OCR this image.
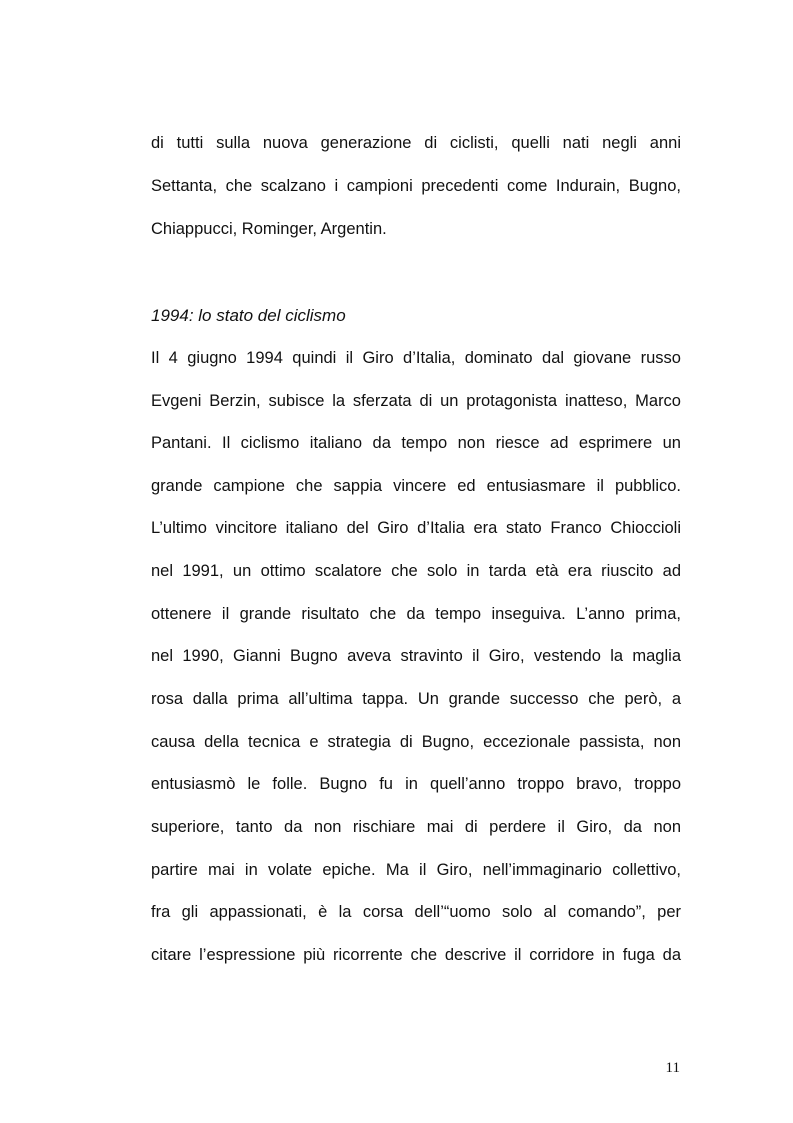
di tutti sulla nuova generazione di ciclisti, quelli nati negli anni
Settanta, che scalzano i campioni precedenti come Indurain, Bugno,
Chiappucci, Rominger, Argentin.
1994: lo stato del ciclismo
Il 4 giugno 1994 quindi il Giro d’Italia, dominato dal giovane russo
Evgeni Berzin, subisce la sferzata di un protagonista inatteso, Marco
Pantani. Il ciclismo italiano da tempo non riesce ad esprimere un
grande campione che sappia vincere ed entusiasmare il pubblico.
L’ultimo vincitore italiano del Giro d’Italia era stato Franco Chioccioli
nel 1991, un ottimo scalatore che solo in tarda età era riuscito ad
ottenere il grande risultato che da tempo inseguiva. L’anno prima,
nel 1990, Gianni Bugno aveva stravinto il Giro, vestendo la maglia
rosa dalla prima all’ultima tappa. Un grande successo che però, a
causa della tecnica e strategia di Bugno, eccezionale passista, non
entusiasmò le folle. Bugno fu in quell’anno troppo bravo, troppo
superiore, tanto da non rischiare mai di perdere il Giro, da non
partire mai in volate epiche. Ma il Giro, nell’immaginario collettivo,
fra gli appassionati, è la corsa dell’“uomo solo al comando”, per
citare l’espressione più ricorrente che descrive il corridore in fuga da
11
